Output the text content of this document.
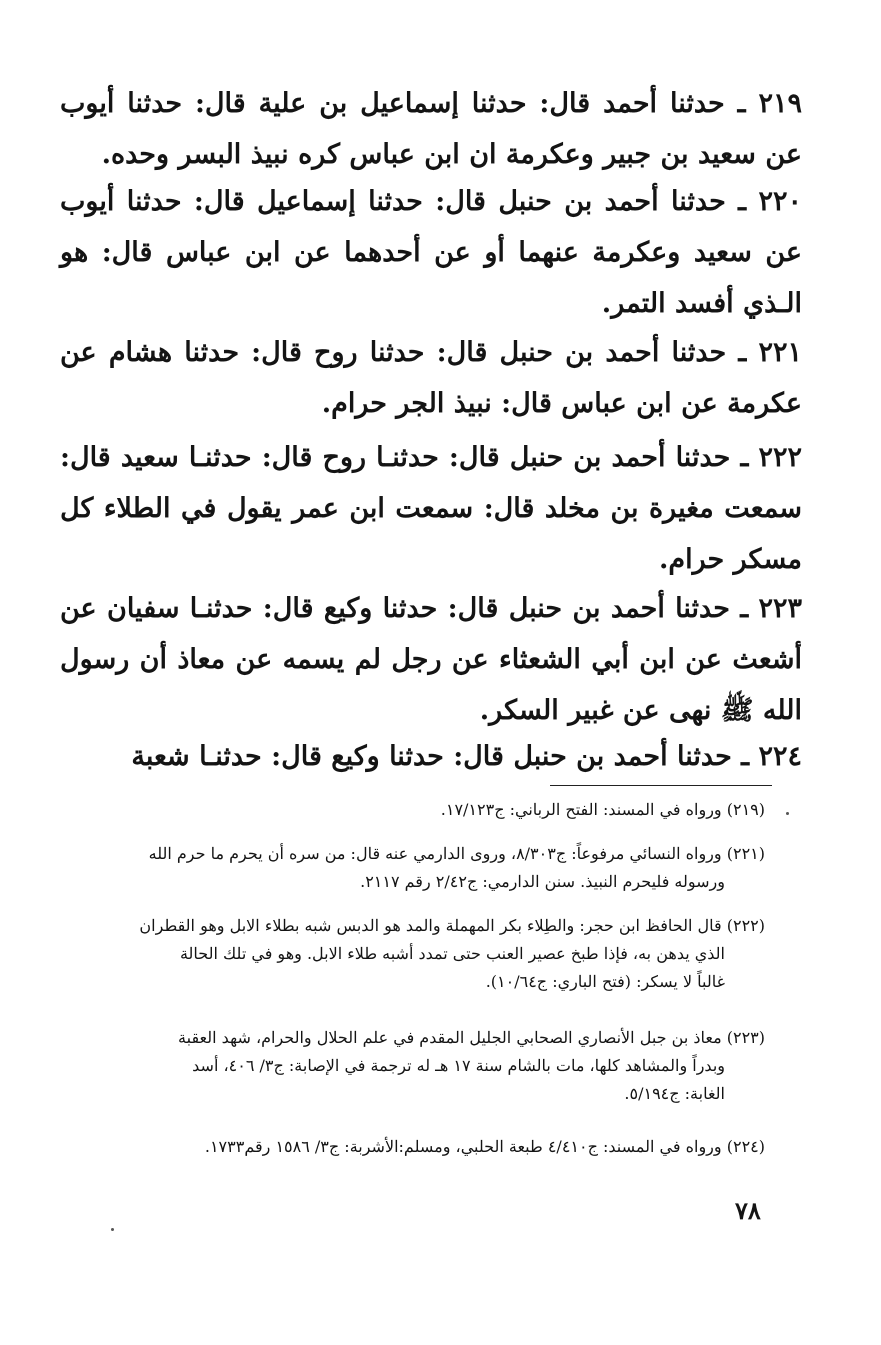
٢١٩ ـ حدثنا أحمد قال: حدثنا إسماعيل بن علية قال: حدثنا أيوب عن سعيد بن جبير وعكرمة ان ابن عباس كره نبيذ البسر وحده.
٢٢٠ ـ حدثنا أحمد بن حنبل قال: حدثنا إسماعيل قال: حدثنا أيوب عن سعيد وعكرمة عنهما أو عن أحدهما عن ابن عباس قال: هو الـذي أفسد التمر.
٢٢١ ـ حدثنا أحمد بن حنبل قال: حدثنا روح قال: حدثنا هشام عن عكرمة عن ابن عباس قال: نبيذ الجر حرام.
٢٢٢ ـ حدثنا أحمد بن حنبل قال: حدثنـا روح قال: حدثنـا سعيد قال: سمعت مغيرة بن مخلد قال: سمعت ابن عمر يقول في الطلاء كل مسكر حرام.
٢٢٣ ـ حدثنا أحمد بن حنبل قال: حدثنا وكيع قال: حدثنـا سفيان عن أشعث عن ابن أبي الشعثاء عن رجل لم يسمه عن معاذ أن رسول الله ﷺ نهى عن غبير السكر.
٢٢٤ ـ حدثنا أحمد بن حنبل قال: حدثنا وكيع قال: حدثنـا شعبة
(٢١٩) ورواه في المسند: الفتح الرباني: ج١٧/١٢٣.
(٢٢١) ورواه النسائي مرفوعاً: ج٨/٣٠٣، وروى الدارمي عنه قال: من سره أن يحرم ما حرم الله
ورسوله فليحرم النبيذ. سنن الدارمي: ج٢/٤٢ رقم ٢١١٧.
(٢٢٢) قال الحافظ ابن حجر: والطِلاء بكر المهملة والمد هو الدبس شبه بطلاء الابل وهو القطران
الذي يدهن به، فإذا طبخ عصير العنب حتى تمدد أشبه طلاء الابل. وهو في تلك الحالة
غالباً لا يسكر: (فتح الباري: ج١٠/٦٤).
(٢٢٣) معاذ بن جبل الأنصاري الصحابي الجليل المقدم في علم الحلال والحرام، شهد العقبة
وبدراً والمشاهد كلها، مات بالشام سنة ١٧ هـ له ترجمة في الإصابة: ج٣/ ٤٠٦، أسد
الغابة: ج٥/١٩٤.
(٢٢٤) ورواه في المسند: ج٤/٤١٠ طبعة الحلبي، ومسلم:الأشربة: ج٣/ ١٥٨٦ رقم١٧٣٣.
٧٨
